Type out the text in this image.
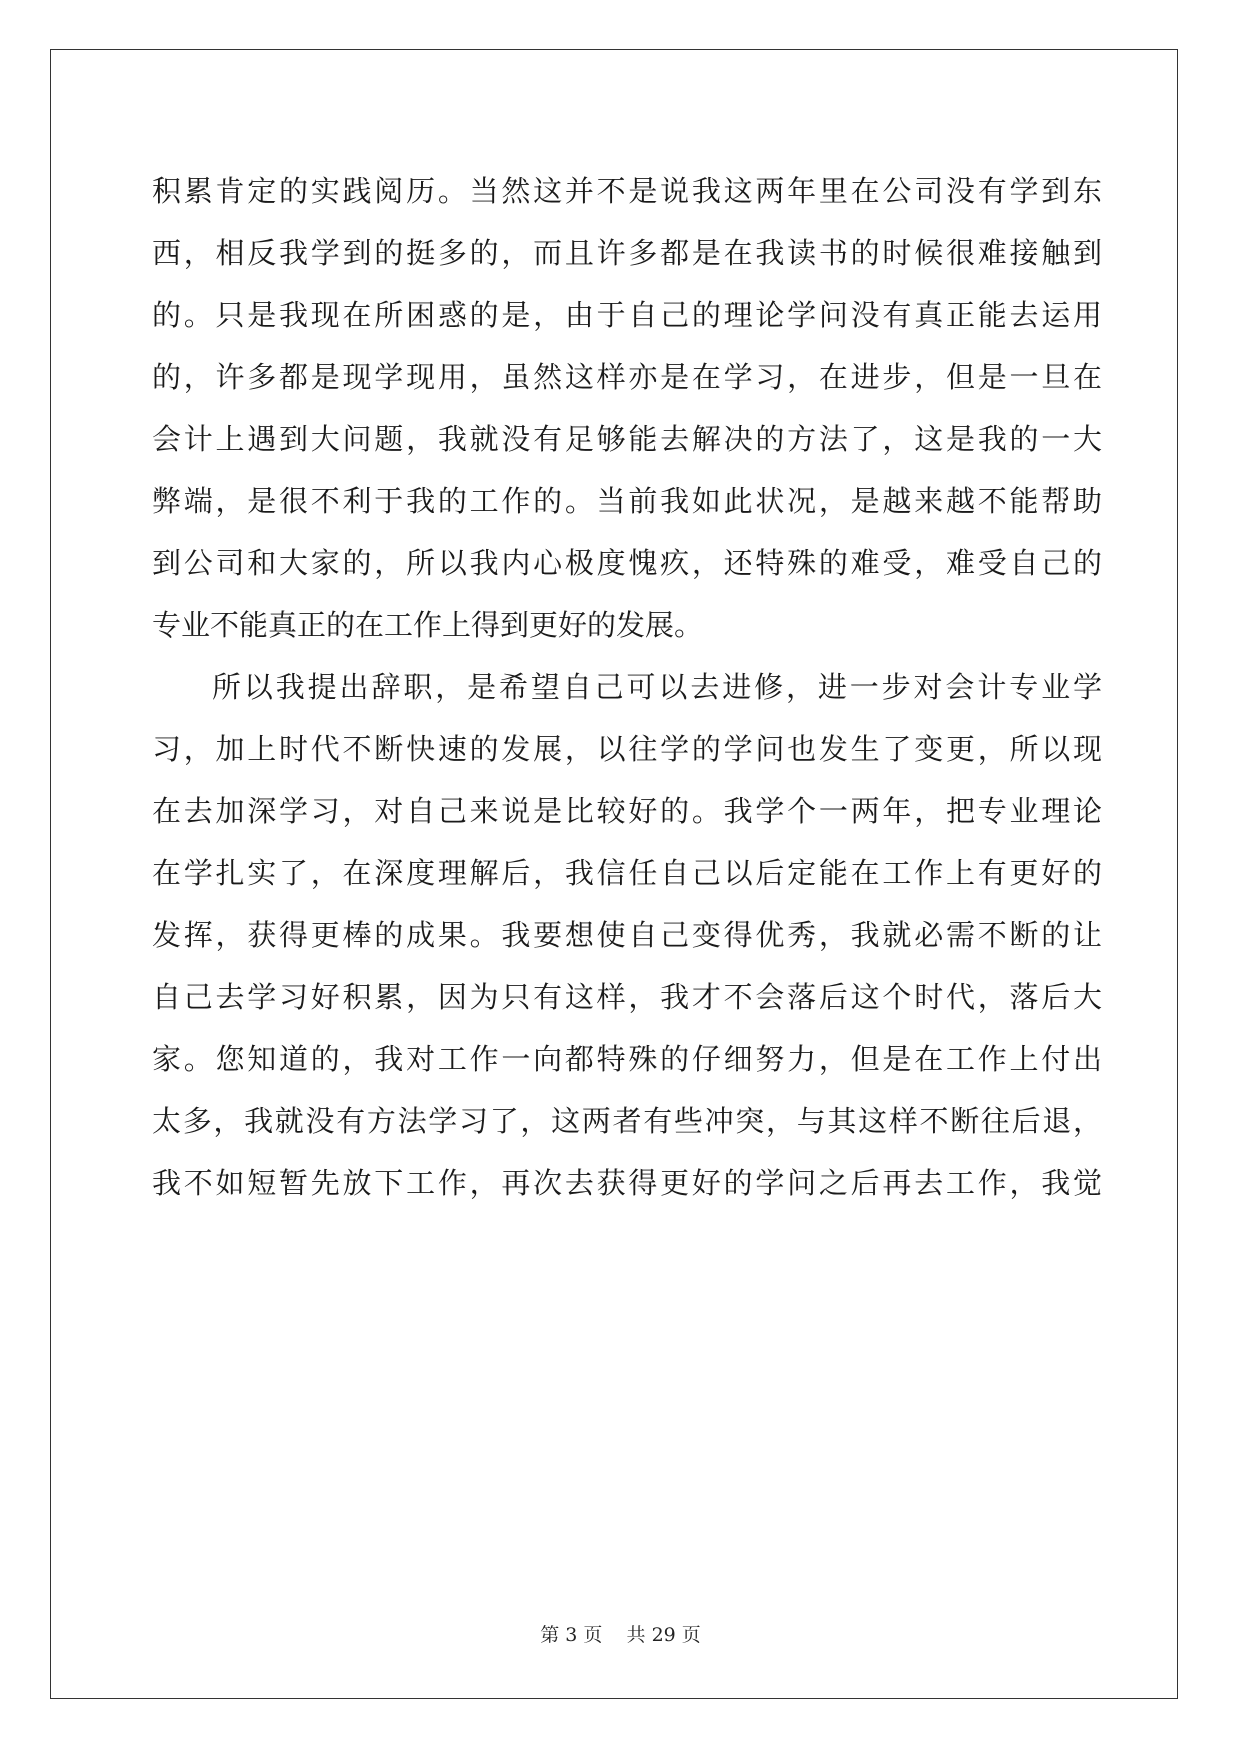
积累肯定的实践阅历。当然这并不是说我这两年里在公司没有学到东
西，相反我学到的挺多的，而且许多都是在我读书的时候很难接触到
的。只是我现在所困惑的是，由于自己的理论学问没有真正能去运用
的，许多都是现学现用，虽然这样亦是在学习，在进步，但是一旦在
会计上遇到大问题，我就没有足够能去解决的方法了，这是我的一大
弊端，是很不利于我的工作的。当前我如此状况，是越来越不能帮助
到公司和大家的，所以我内心极度愧疚，还特殊的难受，难受自己的
专业不能真正的在工作上得到更好的发展。
所以我提出辞职，是希望自己可以去进修，进一步对会计专业学
习，加上时代不断快速的发展，以往学的学问也发生了变更，所以现
在去加深学习，对自己来说是比较好的。我学个一两年，把专业理论
在学扎实了，在深度理解后，我信任自己以后定能在工作上有更好的
发挥，获得更棒的成果。我要想使自己变得优秀，我就必需不断的让
自己去学习好积累，因为只有这样，我才不会落后这个时代，落后大
家。您知道的，我对工作一向都特殊的仔细努力，但是在工作上付出
太多，我就没有方法学习了，这两者有些冲突，与其这样不断往后退，
我不如短暂先放下工作，再次去获得更好的学问之后再去工作，我觉
第 3 页 共 29 页
